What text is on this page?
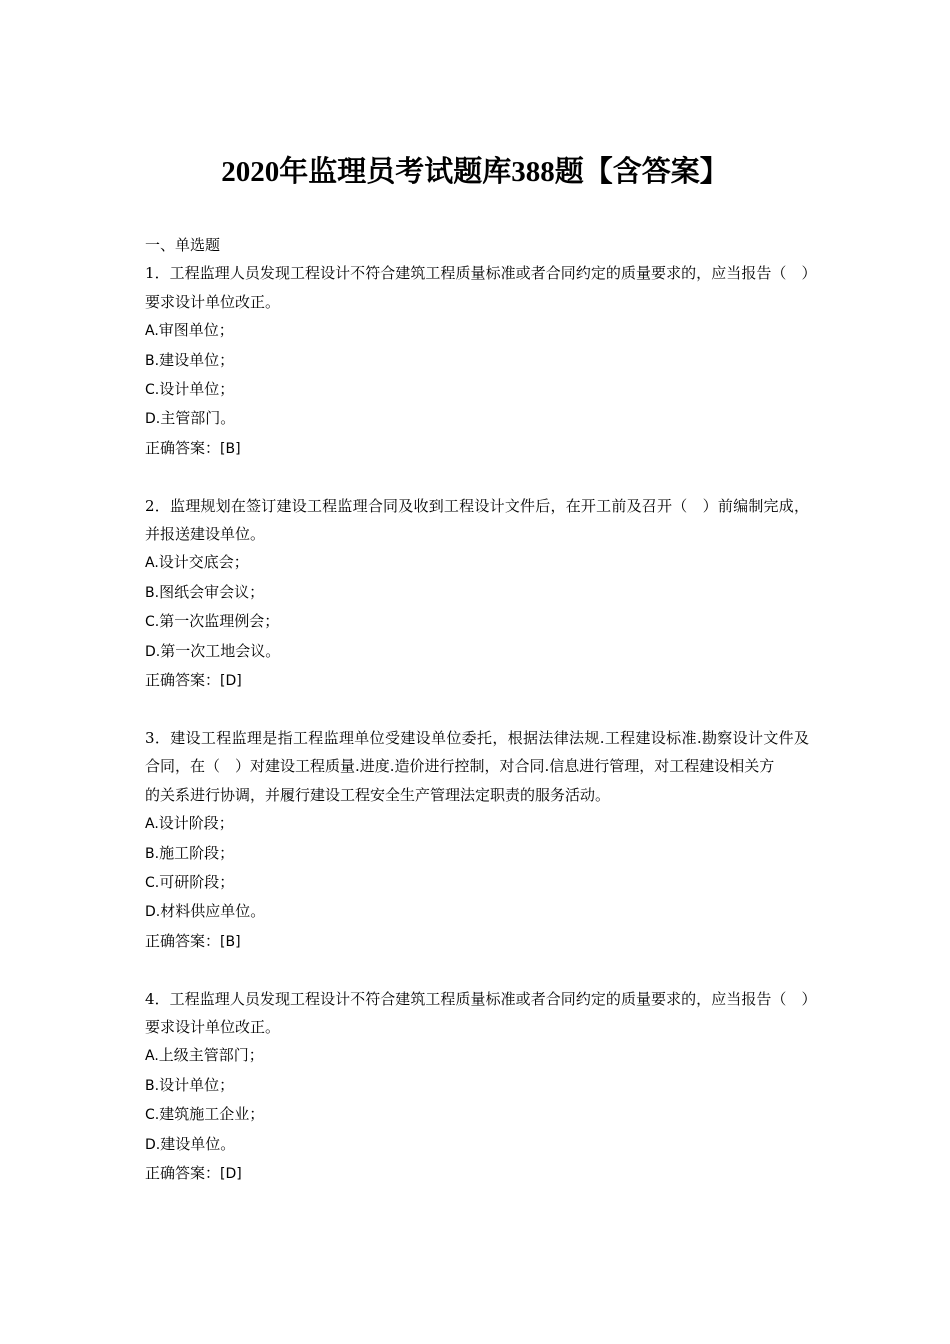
2020年监理员考试题库388题【含答案】
一、单选题
1．工程监理人员发现工程设计不符合建筑工程质量标准或者合同约定的质量要求的，应当报告（　）要求设计单位改正。
A.审图单位；
B.建设单位；
C.设计单位；
D.主管部门。
正确答案：[B]
2．监理规划在签订建设工程监理合同及收到工程设计文件后，在开工前及召开（　）前编制完成，并报送建设单位。
A.设计交底会；
B.图纸会审会议；
C.第一次监理例会；
D.第一次工地会议。
正确答案：[D]
3．建设工程监理是指工程监理单位受建设单位委托，根据法律法规.工程建设标准.勘察设计文件及合同，在（　）对建设工程质量.进度.造价进行控制，对合同.信息进行管理，对工程建设相关方
的关系进行协调，并履行建设工程安全生产管理法定职责的服务活动。
A.设计阶段；
B.施工阶段；
C.可研阶段；
D.材料供应单位。
正确答案：[B]
4．工程监理人员发现工程设计不符合建筑工程质量标准或者合同约定的质量要求的，应当报告（　）要求设计单位改正。
A.上级主管部门；
B.设计单位；
C.建筑施工企业；
D.建设单位。
正确答案：[D]
